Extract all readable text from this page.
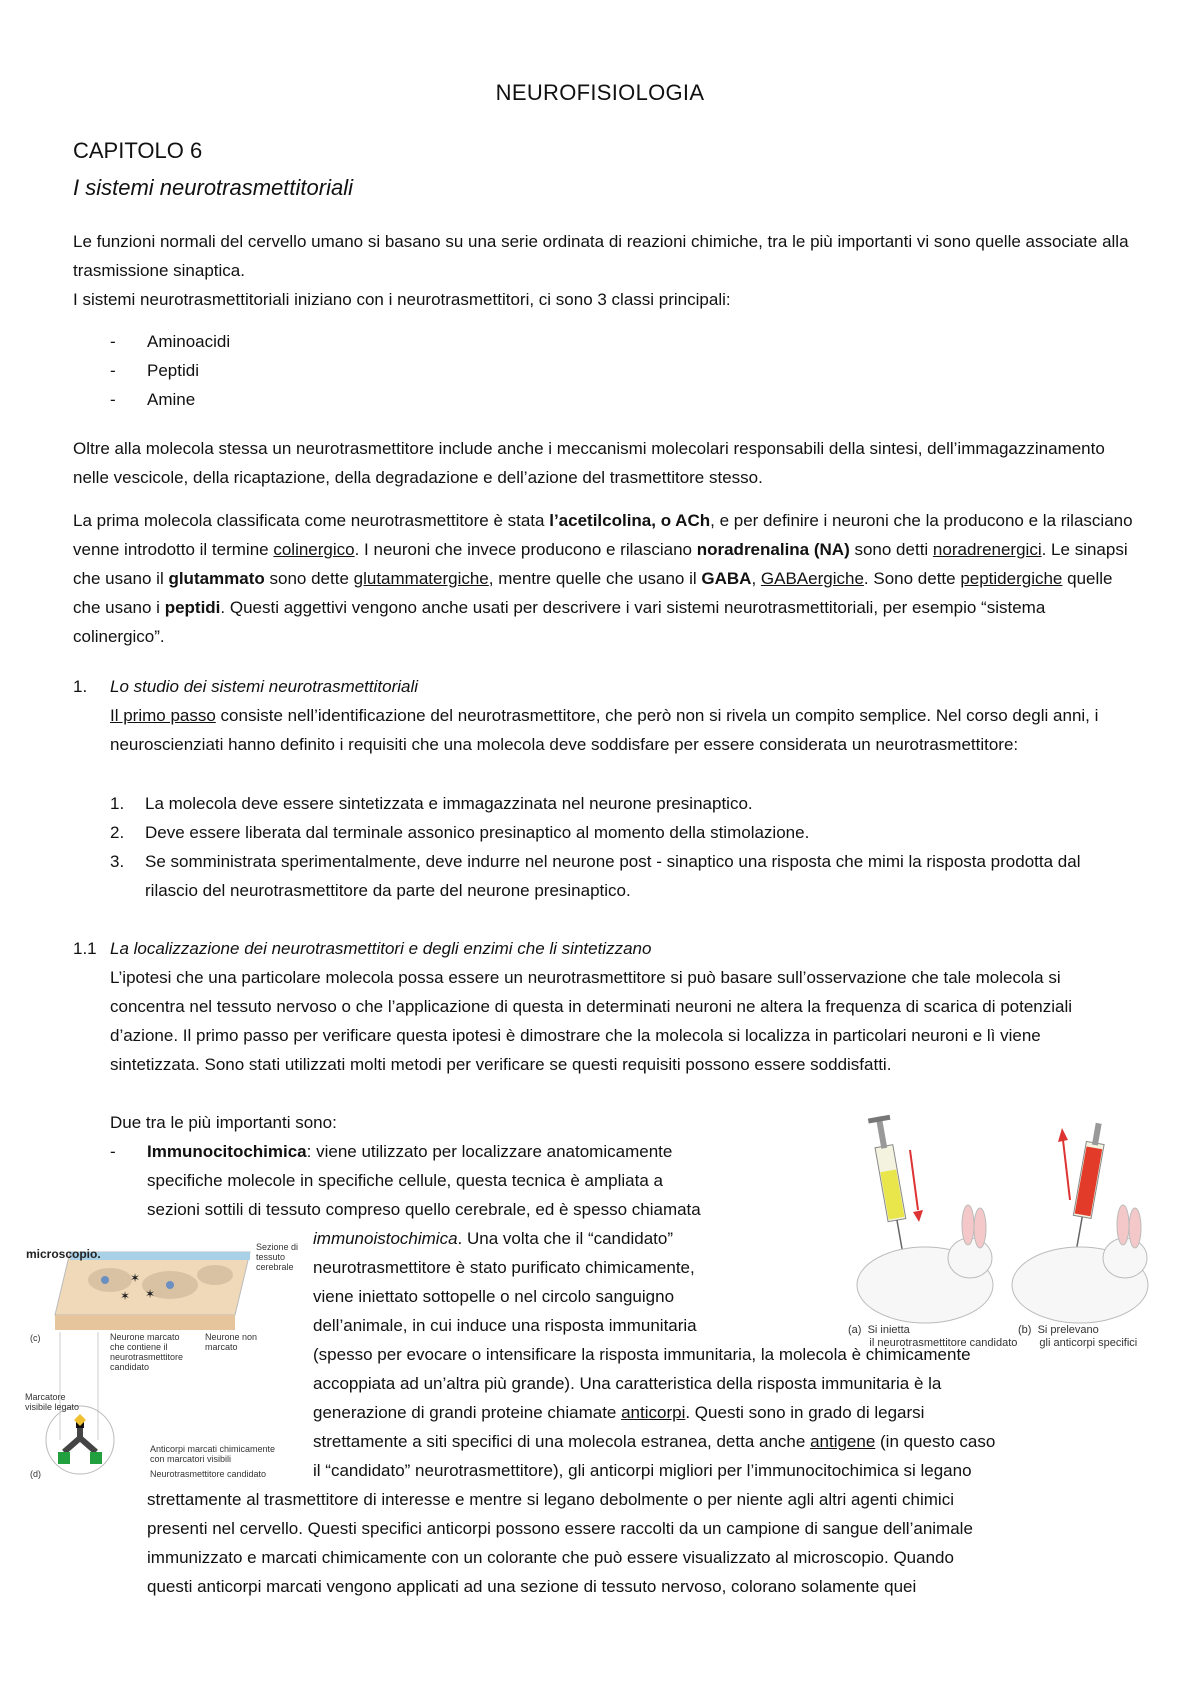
NEUROFISIOLOGIA
CAPITOLO 6
I sistemi neurotrasmettitoriali
Le funzioni normali del cervello umano si basano su una serie ordinata di reazioni chimiche, tra le più importanti vi sono quelle associate alla trasmissione sinaptica.
I sistemi neurotrasmettitoriali iniziano con i neurotrasmettitori, ci sono 3 classi principali:
- Aminoacidi
- Peptidi
- Amine
Oltre alla molecola stessa un neurotrasmettitore include anche i meccanismi molecolari responsabili della sintesi, dell’immagazzinamento nelle vescicole, della ricaptazione, della degradazione e dell’azione del trasmettitore stesso.
La prima molecola classificata come neurotrasmettitore è stata l’acetilcolina, o ACh, e per definire i neuroni che la producono e la rilasciano venne introdotto il termine colinergico. I neuroni che invece producono e rilasciano noradrenalina (NA) sono detti noradrenergici. Le sinapsi che usano il glutammato sono dette glutammatergiche, mentre quelle che usano il GABA, GABAergiche. Sono dette peptidergiche quelle che usano i peptidi. Questi aggettivi vengono anche usati per descrivere i vari sistemi neurotrasmettitoriali, per esempio “sistema colinergico”.
1. Lo studio dei sistemi neurotrasmettitoriali
Il primo passo consiste nell’identificazione del neurotrasmettitore, che però non si rivela un compito semplice. Nel corso degli anni, i neuroscienziati hanno definito i requisiti che una molecola deve soddisfare per essere considerata un neurotrasmettitore:
1. La molecola deve essere sintetizzata e immagazzinata nel neurone presinaptico.
2. Deve essere liberata dal terminale assonico presinaptico al momento della stimolazione.
3. Se somministrata sperimentalmente, deve indurre nel neurone post - sinaptico una risposta che mimi la risposta prodotta dal rilascio del neurotrasmettitore da parte del neurone presinaptico.
1.1 La localizzazione dei neurotrasmettitori e degli enzimi che li sintetizzano
L’ipotesi che una particolare molecola possa essere un neurotrasmettitore si può basare sull’osservazione che tale molecola si concentra nel tessuto nervoso o che l’applicazione di questa in determinati neuroni ne altera la frequenza di scarica di potenziali d’azione. Il primo passo per verificare questa ipotesi è dimostrare che la molecola si localizza in particolari neuroni e lì viene sintetizzata. Sono stati utilizzati molti metodi per verificare se questi requisiti possono essere soddisfatti.
Due tra le più importanti sono:
- Immunocitochimica: viene utilizzato per localizzare anatomicamente
specifiche molecole in specifiche cellule, questa tecnica è ampliata a
sezioni sottili di tessuto compreso quello cerebrale, ed è spesso chiamata
immunoistochimica. Una volta che il “candidato”
neurotrasmettitore è stato purificato chimicamente,
viene iniettato sottopelle o nel circolo sanguigno
dell’animale, in cui induce una risposta immunitaria
(spesso per evocare o intensificare la risposta immunitaria, la molecola è chimicamente
accoppiata ad un’altra più grande). Una caratteristica della risposta immunitaria è la
generazione di grandi proteine chiamate anticorpi. Questi sono in grado di legarsi
strettamente a siti specifici di una molecola estranea, detta anche antigene (in questo caso
il “candidato” neurotrasmettitore), gli anticorpi migliori per l’immunocitochimica si legano
strettamente al trasmettitore di interesse e mentre si legano debolmente o per niente agli altri agenti chimici
presenti nel cervello. Questi specifici anticorpi possono essere raccolti da un campione di sangue dell’animale
immunizzato e marcati chimicamente con un colorante che può essere visualizzato al microscopio. Quando
questi anticorpi marcati vengono applicati ad una sezione di tessuto nervoso, colorano solamente quei
(a) Si inietta
il neurotrasmettitore candidato
(b) Si prelevano
gli anticorpi specifici
✶
✶
✶
microscopio.	Sezione di tessuto cerebrale
(c)	Neurone marcato che contiene il neurotrasmettitore candidato
Neurone non marcato
Marcatore visibile legato
Anticorpi marcati chimicamente con marcatori visibili
(d)	Neurotrasmettitore candidato
